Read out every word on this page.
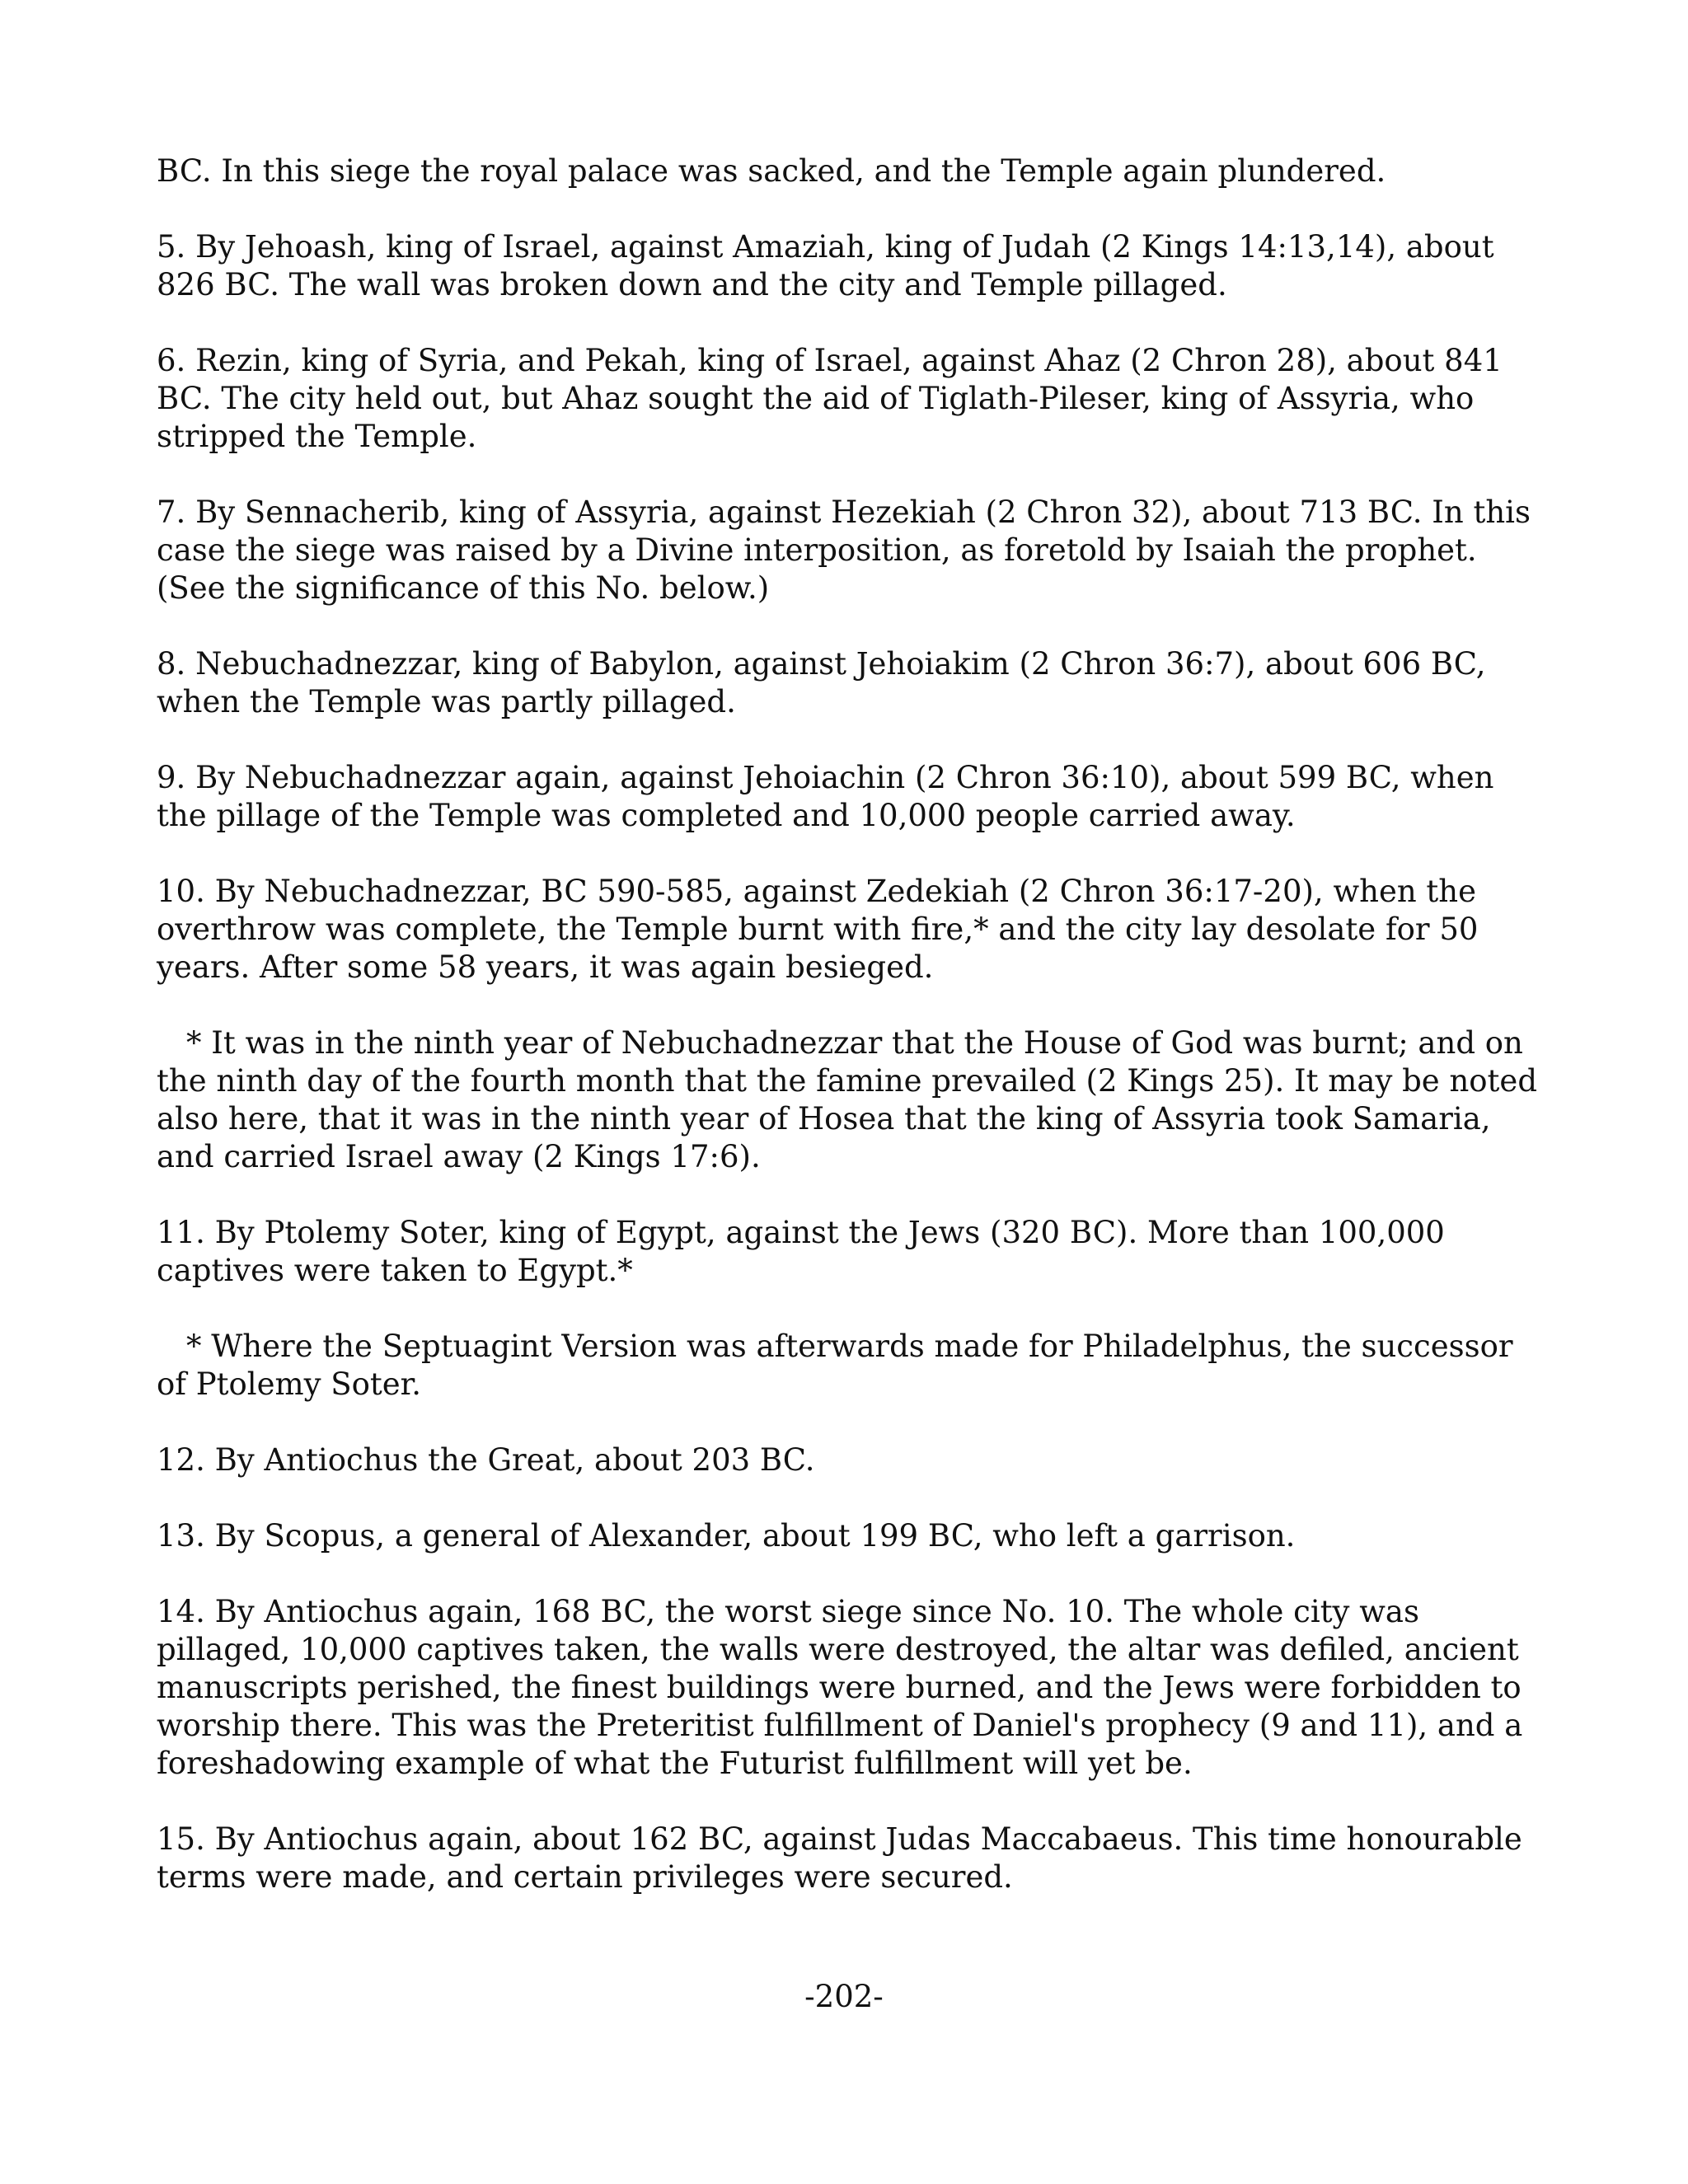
BC. In this siege the royal palace was sacked, and the Temple again plundered.

5. By Jehoash, king of Israel, against Amaziah, king of Judah (2 Kings 14:13,14), about 826 BC. The wall was broken down and the city and Temple pillaged.

6. Rezin, king of Syria, and Pekah, king of Israel, against Ahaz (2 Chron 28), about 841 BC. The city held out, but Ahaz sought the aid of Tiglath-Pileser, king of Assyria, who stripped the Temple.

7. By Sennacherib, king of Assyria, against Hezekiah (2 Chron 32), about 713 BC. In this case the siege was raised by a Divine interposition, as foretold by Isaiah the prophet. (See the significance of this No. below.)

8. Nebuchadnezzar, king of Babylon, against Jehoiakim (2 Chron 36:7), about 606 BC, when the Temple was partly pillaged.

9. By Nebuchadnezzar again, against Jehoiachin (2 Chron 36:10), about 599 BC, when the pillage of the Temple was completed and 10,000 people carried away.

10. By Nebuchadnezzar, BC 590-585, against Zedekiah (2 Chron 36:17-20), when the overthrow was complete, the Temple burnt with fire,* and the city lay desolate for 50 years. After some 58 years, it was again besieged.

* It was in the ninth year of Nebuchadnezzar that the House of God was burnt; and on the ninth day of the fourth month that the famine prevailed (2 Kings 25). It may be noted also here, that it was in the ninth year of Hosea that the king of Assyria took Samaria, and carried Israel away (2 Kings 17:6).

11. By Ptolemy Soter, king of Egypt, against the Jews (320 BC). More than 100,000 captives were taken to Egypt.*

* Where the Septuagint Version was afterwards made for Philadelphus, the successor of Ptolemy Soter.

12. By Antiochus the Great, about 203 BC.

13. By Scopus, a general of Alexander, about 199 BC, who left a garrison.

14. By Antiochus again, 168 BC, the worst siege since No. 10. The whole city was pillaged, 10,000 captives taken, the walls were destroyed, the altar was defiled, ancient manuscripts perished, the finest buildings were burned, and the Jews were forbidden to worship there. This was the Preteritist fulfillment of Daniel's prophecy (9 and 11), and a foreshadowing example of what the Futurist fulfillment will yet be.

15. By Antiochus again, about 162 BC, against Judas Maccabaeus. This time honourable terms were made, and certain privileges were secured.

-202-
